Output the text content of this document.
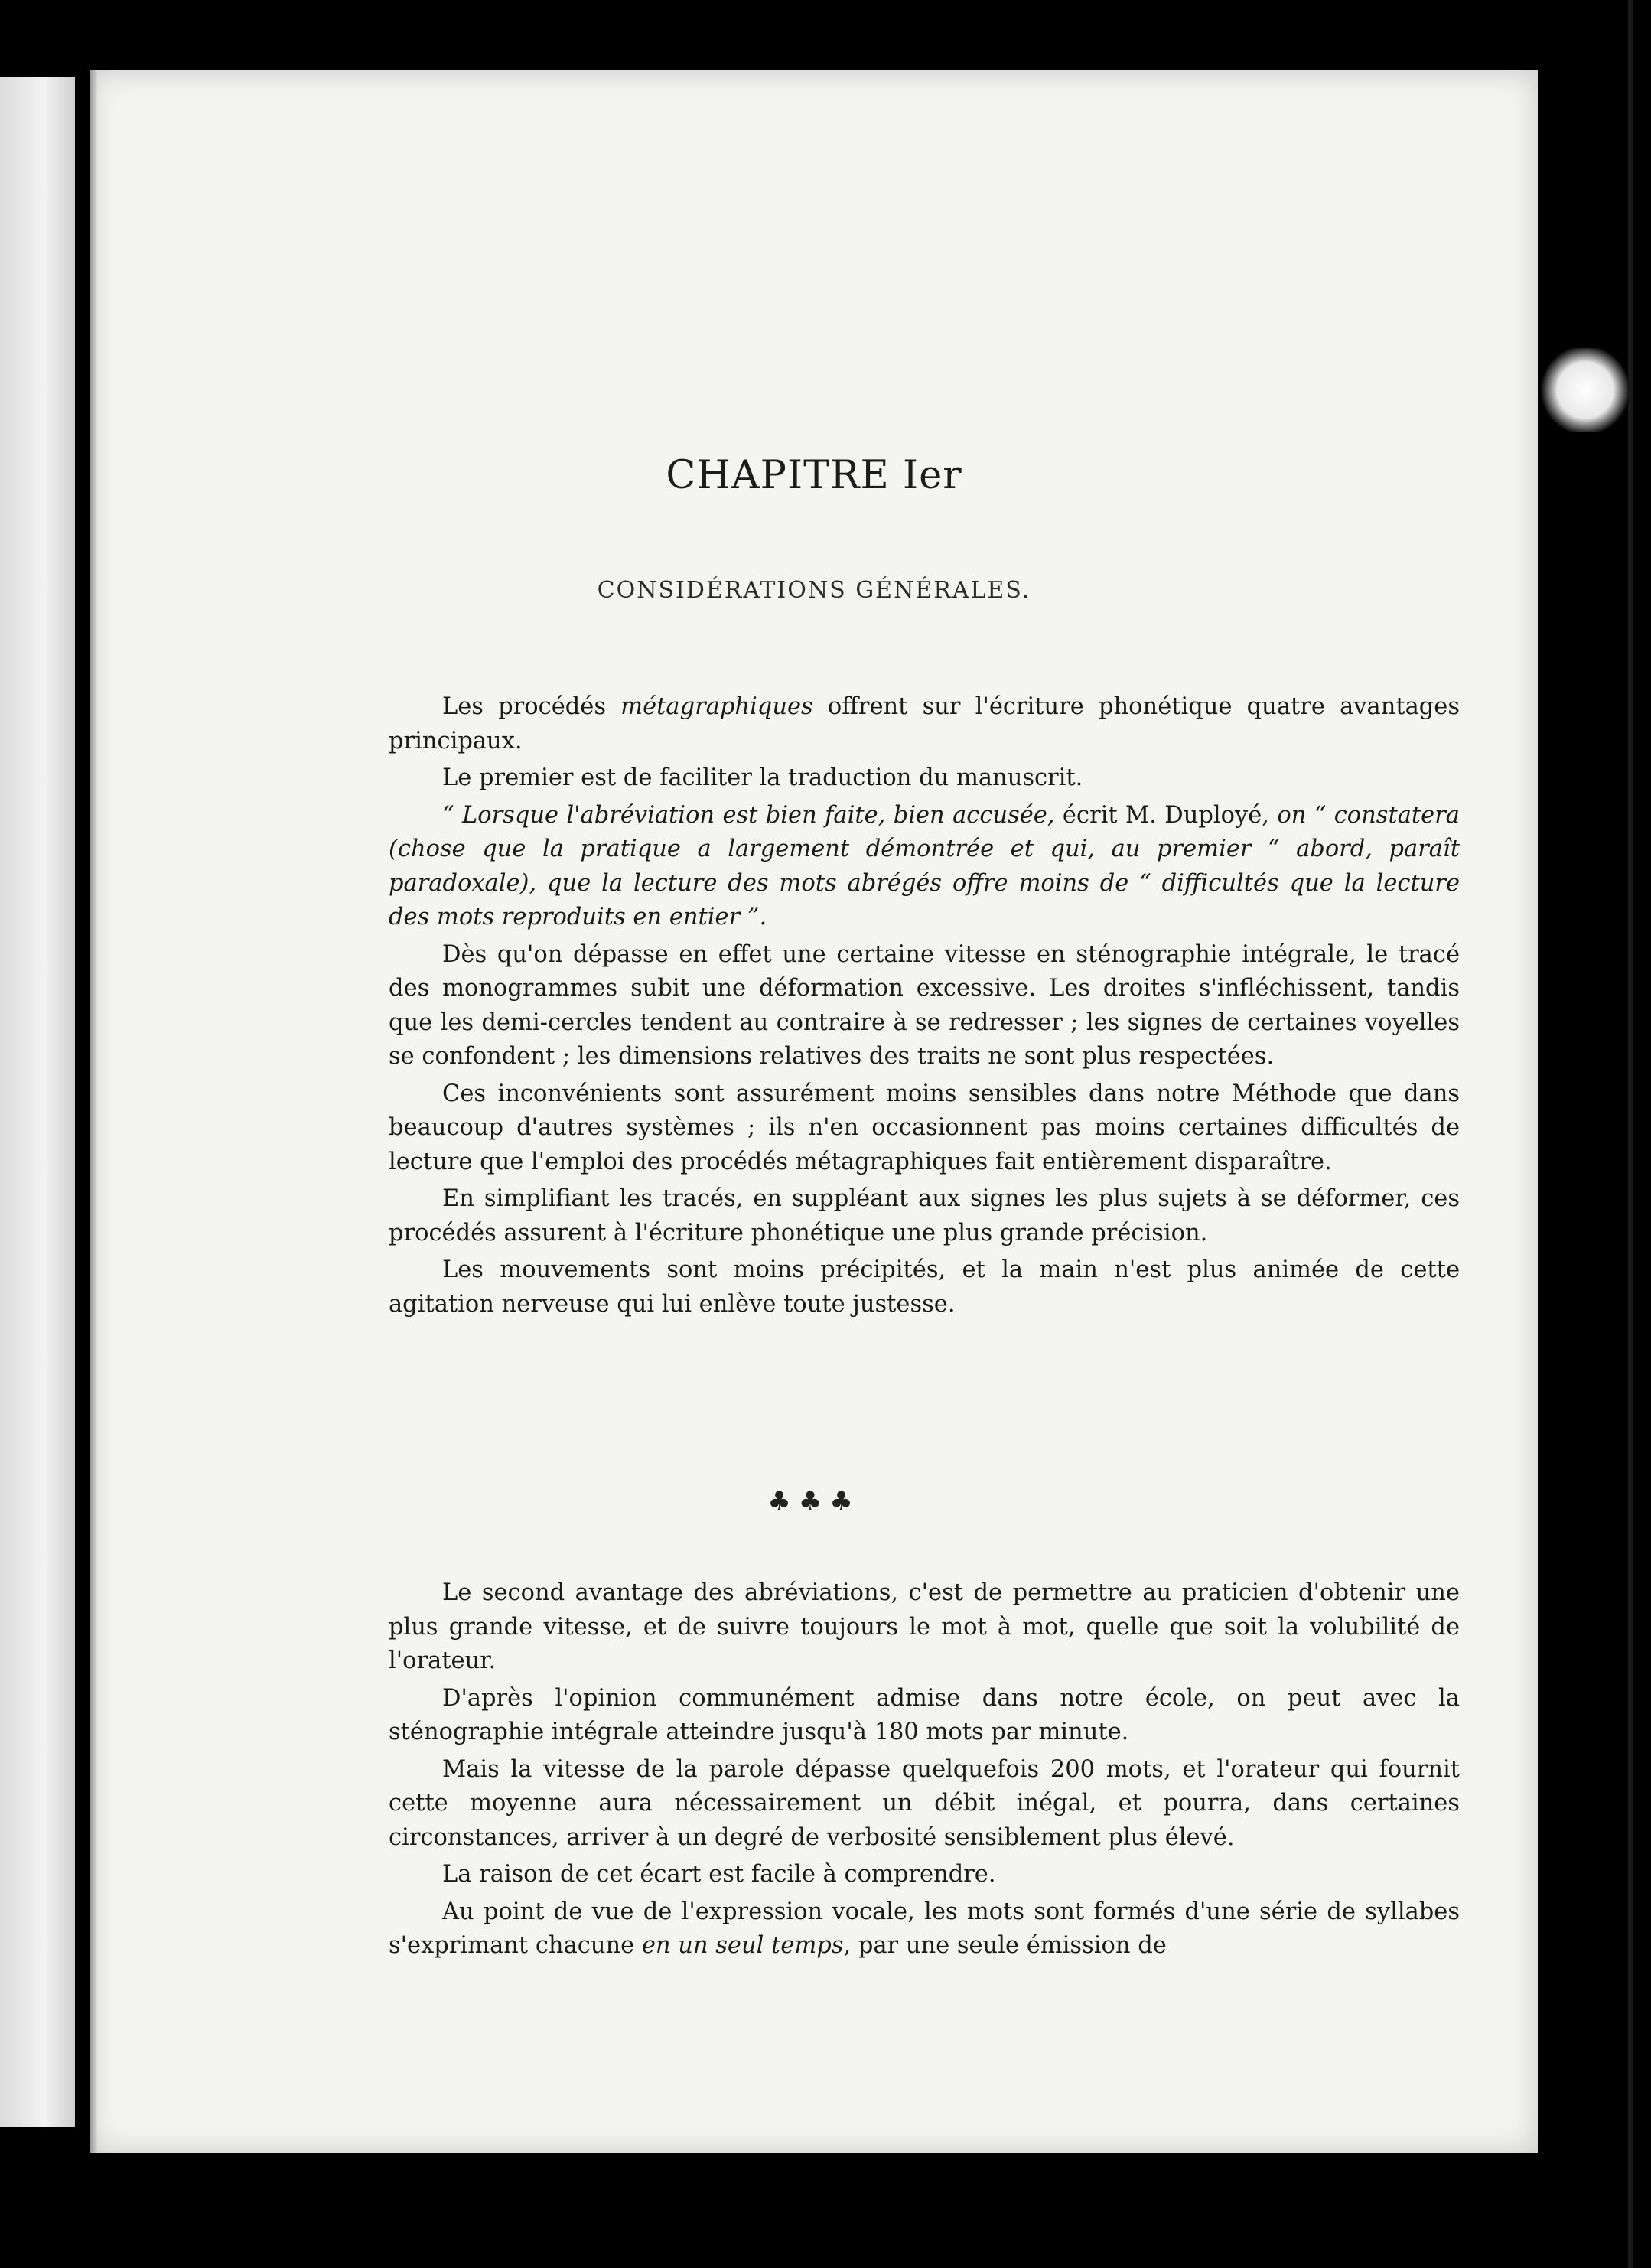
CHAPITRE Ier
CONSIDÉRATIONS GÉNÉRALES.

Les procédés métagraphiques offrent sur l'écriture phonétique quatre avantages principaux.

Le premier est de faciliter la traduction du manuscrit.

“ Lorsque l'abréviation est bien faite, bien accusée, écrit M. Duployé, on “ constatera (chose que la pratique a largement démontrée et qui, au premier “ abord, paraît paradoxale), que la lecture des mots abrégés offre moins de “ difficultés que la lecture des mots reproduits en entier ”.

Dès qu'on dépasse en effet une certaine vitesse en sténographie intégrale, le tracé des monogrammes subit une déformation excessive. Les droites s'infléchissent, tandis que les demi-cercles tendent au contraire à se redresser ; les signes de certaines voyelles se confondent ; les dimensions relatives des traits ne sont plus respectées.

Ces inconvénients sont assurément moins sensibles dans notre Méthode que dans beaucoup d'autres systèmes ; ils n'en occasionnent pas moins certaines difficultés de lecture que l'emploi des procédés métagraphiques fait entièrement disparaître.

En simplifiant les tracés, en suppléant aux signes les plus sujets à se déformer, ces procédés assurent à l'écriture phonétique une plus grande précision.

Les mouvements sont moins précipités, et la main n'est plus animée de cette agitation nerveuse qui lui enlève toute justesse.

♣♣♣

Le second avantage des abréviations, c'est de permettre au praticien d'obtenir une plus grande vitesse, et de suivre toujours le mot à mot, quelle que soit la volubilité de l'orateur.

D'après l'opinion communément admise dans notre école, on peut avec la sténographie intégrale atteindre jusqu'à 180 mots par minute.

Mais la vitesse de la parole dépasse quelquefois 200 mots, et l'orateur qui fournit cette moyenne aura nécessairement un débit inégal, et pourra, dans certaines circonstances, arriver à un degré de verbosité sensiblement plus élevé.

La raison de cet écart est facile à comprendre.

Au point de vue de l'expression vocale, les mots sont formés d'une série de syllabes s'exprimant chacune en un seul temps, par une seule émission de
